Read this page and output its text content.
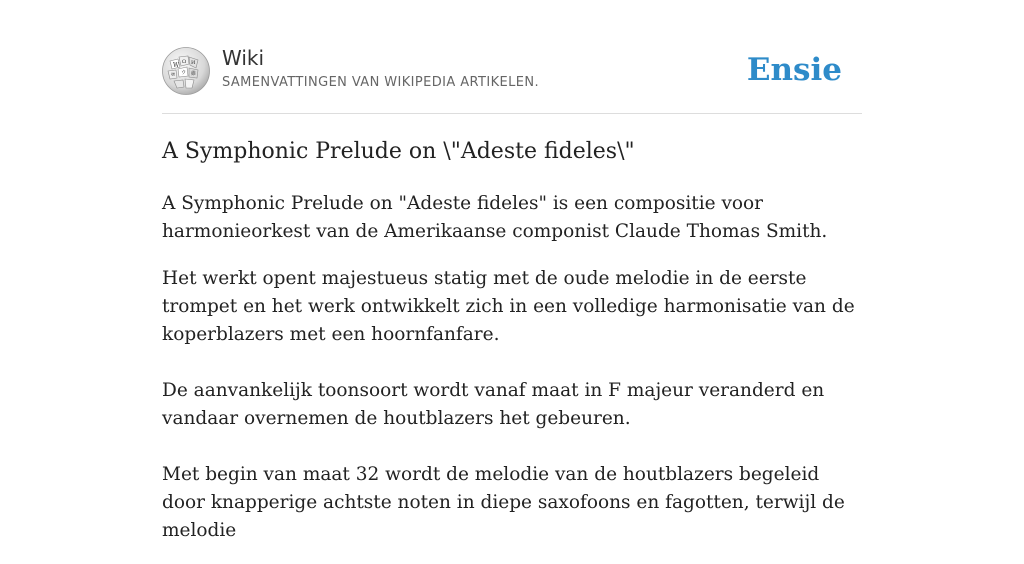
W Ω И
ウ
ज	維
Wiki
SAMENVATTINGEN VAN WIKIPEDIA ARTIKELEN.	Ensie
A Symphonic Prelude on \"Adeste fideles\"

A Symphonic Prelude on "Adeste fideles" is een compositie voor harmonieorkest van de Amerikaanse componist Claude Thomas Smith.

Het werkt opent majestueus statig met de oude melodie in de eerste trompet en het werk ontwikkelt zich in een volledige harmonisatie van de koperblazers met een hoornfanfare.

De aanvankelijk toonsoort wordt vanaf maat in F majeur veranderd en vandaar overnemen de houtblazers het gebeuren.

Met begin van maat 32 wordt de melodie van de houtblazers begeleid door knapperige achtste noten in diepe saxofoons en fagotten, terwijl de melodie
